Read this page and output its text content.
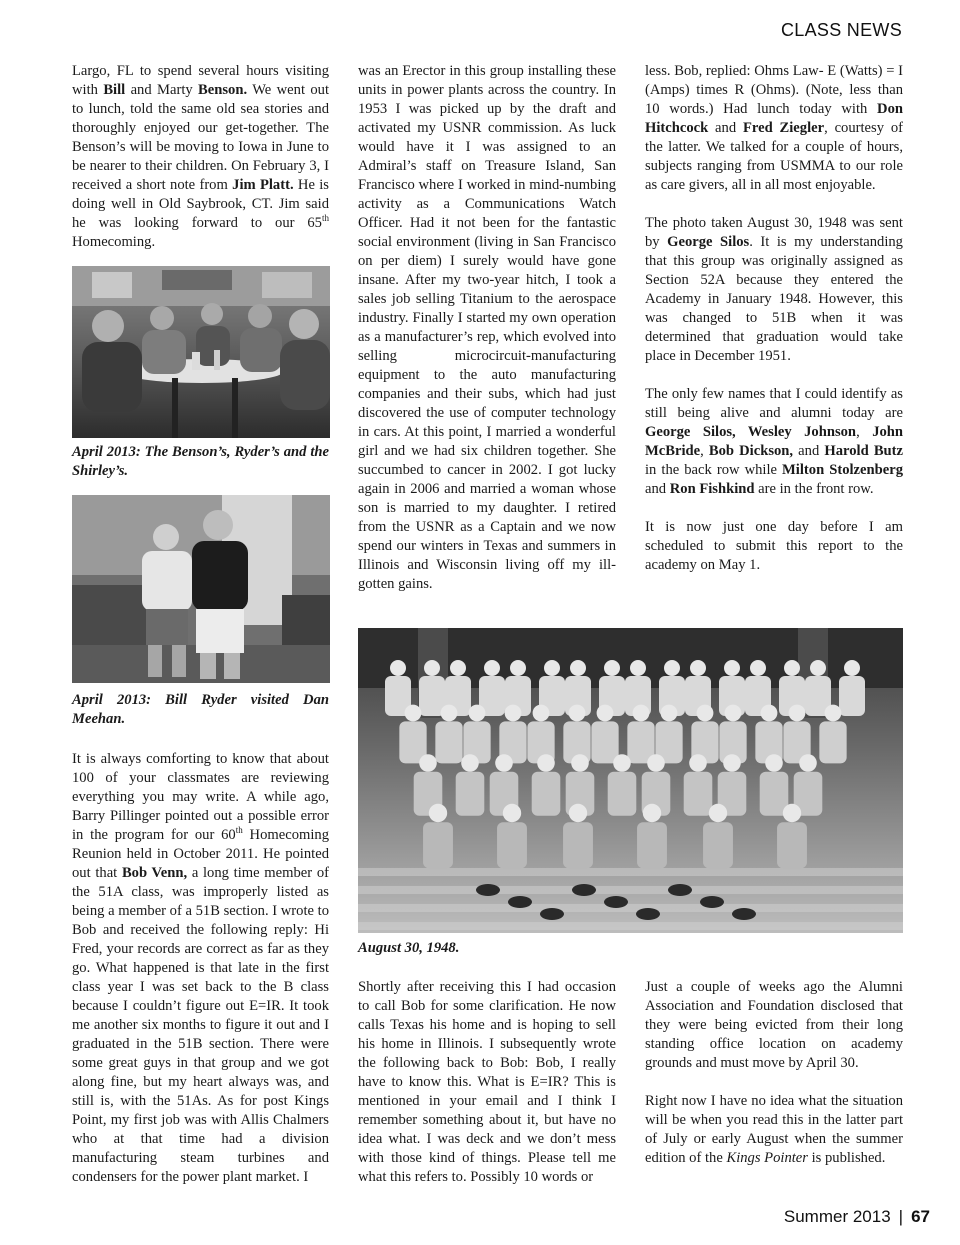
CLASS NEWS

Largo, FL to spend several hours visiting with Bill and Marty Benson. We went out to lunch, told the same old sea stories and thoroughly enjoyed our get-together. The Benson’s will be moving to Iowa in June to be nearer to their children. On February 3, I received a short note from Jim Platt. He is doing well in Old Saybrook, CT. Jim said he was looking forward to our 65th Homecoming.

April 2013: The Benson’s, Ryder’s and the Shirley’s.

April 2013: Bill Ryder visited Dan Meehan.

It is always comforting to know that about 100 of your classmates are reviewing everything you may write. A while ago, Barry Pillinger pointed out a possible error in the program for our 60th Homecoming Reunion held in October 2011. He pointed out that Bob Venn, a long time member of the 51A class, was improperly listed as being a member of a 51B section. I wrote to Bob and received the following reply: Hi Fred, your records are correct as far as they go. What happened is that late in the first class year I was set back to the B class because I couldn’t figure out E=IR. It took me another six months to figure it out and I graduated in the 51B section. There were some great guys in that group and we got along fine, but my heart always was, and still is, with the 51As. As for post Kings Point, my first job was with Allis Chalmers who at that time had a division manufacturing steam turbines and condensers for the power plant market. I

was an Erector in this group installing these units in power plants across the country. In 1953 I was picked up by the draft and activated my USNR commission. As luck would have it I was assigned to an Admiral’s staff on Treasure Island, San Francisco where I worked in mind-numbing activity as a Communications Watch Officer. Had it not been for the fantastic social environment (living in San Francisco on per diem) I surely would have gone insane. After my two-year hitch, I took a sales job selling Titanium to the aerospace industry. Finally I started my own operation as a manufacturer’s rep, which evolved into selling microcircuit-manufacturing equipment to the auto manufacturing companies and their subs, which had just discovered the use of computer technology in cars. At this point, I married a wonderful girl and we had six children together. She succumbed to cancer in 2002. I got lucky again in 2006 and married a woman whose son is married to my daughter. I retired from the USNR as a Captain and we now spend our winters in Texas and summers in Illinois and Wisconsin living off my ill-gotten gains.

less. Bob, replied: Ohms Law- E (Watts) = I (Amps) times R (Ohms). (Note, less than 10 words.) Had lunch today with Don Hitchcock and Fred Ziegler, courtesy of the latter. We talked for a couple of hours, subjects ranging from USMMA to our role as care givers, all in all most enjoyable.

The photo taken August 30, 1948 was sent by George Silos. It is my understanding that this group was originally assigned as Section 52A because they entered the Academy in January 1948. However, this was changed to 51B when it was determined that graduation would take place in December 1951.

The only few names that I could identify as still being alive and alumni today are George Silos, Wesley Johnson, John McBride, Bob Dickson, and Harold Butz in the back row while Milton Stolzenberg and Ron Fishkind are in the front row.

It is now just one day before I am scheduled to submit this report to the academy on May 1.

August 30, 1948.

Shortly after receiving this I had occasion to call Bob for some clarification. He now calls Texas his home and is hoping to sell his home in Illinois. I subsequently wrote the following back to Bob: Bob, I really have to know this. What is E=IR? This is mentioned in your email and I think I remember something about it, but have no idea what. I was deck and we don’t mess with those kind of things. Please tell me what this refers to. Possibly 10 words or

Just a couple of weeks ago the Alumni Association and Foundation disclosed that they were being evicted from their long standing office location on academy grounds and must move by April 30.

Right now I have no idea what the situation will be when you read this in the latter part of July or early August when the summer edition of the Kings Pointer is published.

Summer 2013 | 67
